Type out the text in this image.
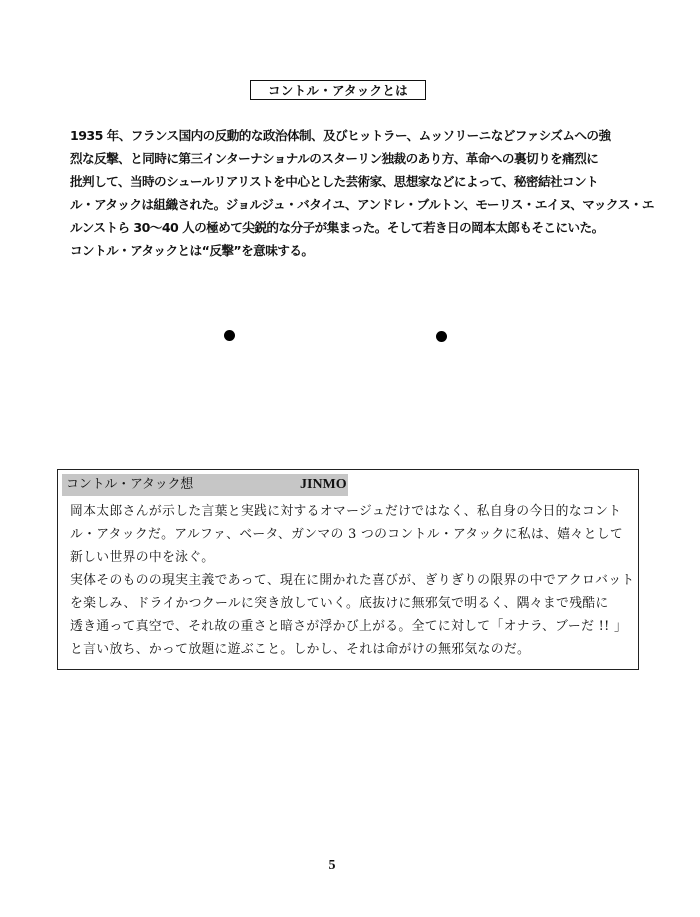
コントル・アタックとは
1935 年、フランス国内の反動的な政治体制、及びヒットラー、ムッソリーニなどファシズムへの強
烈な反撃、と同時に第三インターナショナルのスターリン独裁のあり方、革命への裏切りを痛烈に
批判して、当時のシュールリアリストを中心とした芸術家、思想家などによって、秘密結社コント
ル・アタックは組織された。ジョルジュ・バタイユ、アンドレ・ブルトン、モーリス・エイヌ、マックス・エ
ルンストら 30～40 人の極めて尖鋭的な分子が集まった。そして若き日の岡本太郎もそこにいた。
コントル・アタックとは“反撃”を意味する。
コントル・アタック想	JINMO
岡本太郎さんが示した言葉と実践に対するオマージュだけではなく、私自身の今日的なコント
ル・アタックだ。アルファ、ベータ、ガンマの 3 つのコントル・アタックに私は、嬉々として
新しい世界の中を泳ぐ。
実体そのものの現実主義であって、現在に開かれた喜びが、ぎりぎりの限界の中でアクロバット
を楽しみ、ドライかつクールに突き放していく。底抜けに無邪気で明るく、隅々まで残酷に
透き通って真空で、それ故の重さと暗さが浮かび上がる。全てに対して「オナラ、ブーだ !! 」
と言い放ち、かって放題に遊ぶこと。しかし、それは命がけの無邪気なのだ。
5
